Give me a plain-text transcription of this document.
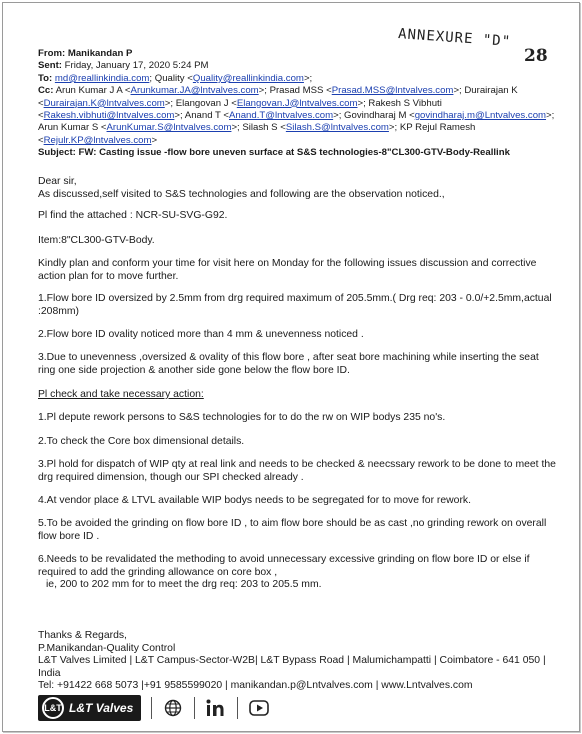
ANNEXURE "D"
28
From: Manikandan P
Sent: Friday, January 17, 2020 5:24 PM
To: md@reallinkindia.com; Quality <Quality@reallinkindia.com>;
Cc: Arun Kumar J A <Arunkumar.JA@lntvalves.com>; Prasad MSS <Prasad.MSS@lntvalves.com>; Durairajan K
<Durairajan.K@lntvalves.com>; Elangovan J <Elangovan.J@lntvalves.com>; Rakesh S Vibhuti
<Rakesh.vibhuti@lntvalves.com>; Anand T <Anand.T@lntvalves.com>; Govindharaj M <govindharaj.m@Lntvalves.com>;
Arun Kumar S <ArunKumar.S@lntvalves.com>; Silash S <Silash.S@lntvalves.com>; KP Rejul Ramesh
<Rejulr.KP@lntvalves.com>
Subject: FW: Casting issue -flow bore uneven surface at S&S technologies-8"CL300-GTV-Body-Reallink
Dear sir,
As discussed,self visited to S&S technologies and following are the observation noticed.,
Pl find the attached : NCR-SU-SVG-G92.
Item:8"CL300-GTV-Body.
Kindly plan and conform your time for visit here on Monday for the following issues discussion and corrective action plan for to move further.
1.Flow bore ID oversized by 2.5mm from drg required maximum of 205.5mm.( Drg req: 203 - 0.0/+2.5mm,actual :208mm)
2.Flow bore ID ovality noticed more than 4 mm & unevenness noticed .
3.Due to unevenness ,oversized & ovality of this flow bore , after seat bore machining while inserting the seat ring one side projection & another side gone below the flow bore ID.
Pl check and take necessary action:
1.Pl depute rework persons to S&S technologies for to do the rw on WIP bodys 235 no's.
2.To check the Core box dimensional details.
3.Pl hold for dispatch of WIP qty at real link and needs to be checked & neecssary rework to be done to meet the drg required dimension, though our SPI checked already .
4.At vendor place & LTVL available WIP bodys needs to be segregated for to move for rework.
5.To be avoided the grinding on flow bore ID , to aim flow bore should be as cast ,no grinding rework on overall flow bore ID .
6.Needs to be revalidated the methoding to avoid unnecessary excessive grinding on flow bore ID or else if required to add the grinding allowance on core box ,
ie, 200 to 202 mm for to meet the drg req: 203 to 205.5 mm.
Thanks & Regards,
P.Manikandan-Quality Control
L&T Valves Limited | L&T Campus-Sector-W2B| L&T Bypass Road | Malumichampatti | Coimbatore - 641 050 | India
Tel: +91422 668 5073 |+91 9585599020 | manikandan.p@Lntvalves.com | www.Lntvalves.com
L&T L&T Valves
